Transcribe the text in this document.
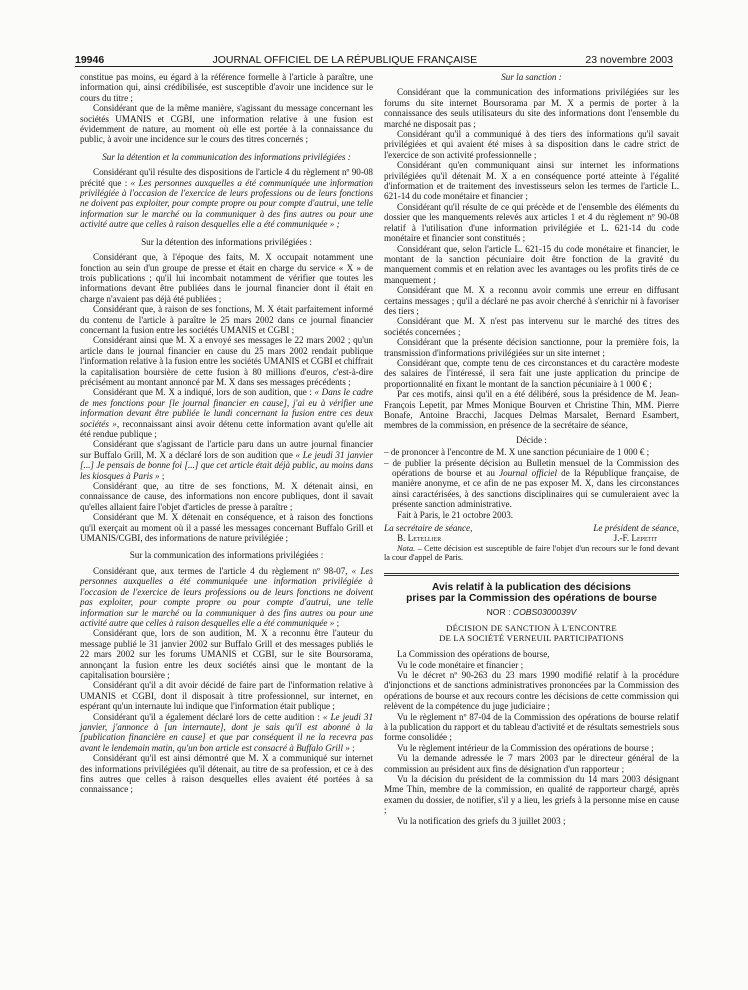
19946	JOURNAL OFFICIEL DE LA RÉPUBLIQUE FRANÇAISE	23 novembre 2003

constitue pas moins, eu égard à la référence formelle à l'article à paraître, une information qui, ainsi crédibilisée, est susceptible d'avoir une incidence sur le cours du titre ;

Considérant que de la même manière, s'agissant du message concernant les sociétés UMANIS et CGBI, une information relative à une fusion est évidemment de nature, au moment où elle est portée à la connaissance du public, à avoir une incidence sur le cours des titres concernés ;

Sur la détention et la communication des informations privilégiées :

Considérant qu'il résulte des dispositions de l'article 4 du règlement nº 90-08 précité que : « Les personnes auxquelles a été communiquée une information privilégiée à l'occasion de l'exercice de leurs professions ou de leurs fonctions ne doivent pas exploiter, pour compte propre ou pour compte d'autrui, une telle information sur le marché ou la communiquer à des fins autres ou pour une activité autre que celles à raison desquelles elle a été communiquée » ;

Sur la détention des informations privilégiées :

Considérant que, à l'époque des faits, M. X occupait notamment une fonction au sein d'un groupe de presse et était en charge du service « X » de trois publications ; qu'il lui incombait notamment de vérifier que toutes les informations devant être publiées dans le journal financier dont il était en charge n'avaient pas déjà été publiées ;

Considérant que, à raison de ses fonctions, M. X était parfaitement informé du contenu de l'article à paraître le 25 mars 2002 dans ce journal financier concernant la fusion entre les sociétés UMANIS et CGBI ;

Considérant ainsi que M. X a envoyé ses messages le 22 mars 2002 ; qu'un article dans le journal financier en cause du 25 mars 2002 rendait publique l'information relative à la fusion entre les sociétés UMANIS et CGBI et chiffrait la capitalisation boursière de cette fusion à 80 millions d'euros, c'est-à-dire précisément au montant annoncé par M. X dans ses messages précédents ;

Considérant que M. X a indiqué, lors de son audition, que : « Dans le cadre de mes fonctions pour [le journal financier en cause], j'ai eu à vérifier une information devant être publiée le lundi concernant la fusion entre ces deux sociétés », reconnaissant ainsi avoir détenu cette information avant qu'elle ait été rendue publique ;

Considérant que s'agissant de l'article paru dans un autre journal financier sur Buffalo Grill, M. X a déclaré lors de son audition que « Le jeudi 31 janvier [...] Je pensais de bonne foi [...] que cet article était déjà public, au moins dans les kiosques à Paris » ;

Considérant que, au titre de ses fonctions, M. X détenait ainsi, en connaissance de cause, des informations non encore publiques, dont il savait qu'elles allaient faire l'objet d'articles de presse à paraître ;

Considérant que M. X détenait en conséquence, et à raison des fonctions qu'il exerçait au moment où il a passé les messages concernant Buffalo Grill et UMANIS/CGBI, des informations de nature privilégiée ;

Sur la communication des informations privilégiées :

Considérant que, aux termes de l'article 4 du règlement nº 98-07, « Les personnes auxquelles a été communiquée une information privilégiée à l'occasion de l'exercice de leurs professions ou de leurs fonctions ne doivent pas exploiter, pour compte propre ou pour compte d'autrui, une telle information sur le marché ou la communiquer à des fins autres ou pour une activité autre que celles à raison desquelles elle a été communiquée » ;

Considérant que, lors de son audition, M. X a reconnu être l'auteur du message publié le 31 janvier 2002 sur Buffalo Grill et des messages publiés le 22 mars 2002 sur les forums UMANIS et CGBI, sur le site Boursorama, annonçant la fusion entre les deux sociétés ainsi que le montant de la capitalisation boursière ;

Considérant qu'il a dit avoir décidé de faire part de l'information relative à UMANIS et CGBI, dont il disposait à titre professionnel, sur internet, en espérant qu'un internaute lui indique que l'information était publique ;

Considérant qu'il a également déclaré lors de cette audition : « Le jeudi 31 janvier, j'annonce à [un internaute], dont je sais qu'il est abonné à la [publication financière en cause] et que par conséquent il ne la recevra pas avant le lendemain matin, qu'un bon article est consacré à Buffalo Grill » ;

Considérant qu'il est ainsi démontré que M. X a communiqué sur internet des informations privilégiées qu'il détenait, au titre de sa profession, et ce à des fins autres que celles à raison desquelles elles avaient été portées à sa connaissance ;

Sur la sanction :

Considérant que la communication des informations privilégiées sur les forums du site internet Boursorama par M. X a permis de porter à la connaissance des seuls utilisateurs du site des informations dont l'ensemble du marché ne disposait pas ;

Considérant qu'il a communiqué à des tiers des informations qu'il savait privilégiées et qui avaient été mises à sa disposition dans le cadre strict de l'exercice de son activité professionnelle ;

Considérant qu'en communiquant ainsi sur internet les informations privilégiées qu'il détenait M. X a en conséquence porté atteinte à l'égalité d'information et de traitement des investisseurs selon les termes de l'article L. 621-14 du code monétaire et financier ;

Considérant qu'il résulte de ce qui précède et de l'ensemble des éléments du dossier que les manquements relevés aux articles 1 et 4 du règlement nº 90-08 relatif à l'utilisation d'une information privilégiée et L. 621-14 du code monétaire et financier sont constitués ;

Considérant que, selon l'article L. 621-15 du code monétaire et financier, le montant de la sanction pécuniaire doit être fonction de la gravité du manquement commis et en relation avec les avantages ou les profits tirés de ce manquement ;

Considérant que M. X a reconnu avoir commis une erreur en diffusant certains messages ; qu'il a déclaré ne pas avoir cherché à s'enrichir ni à favoriser des tiers ;

Considérant que M. X n'est pas intervenu sur le marché des titres des sociétés concernées ;

Considérant que la présente décision sanctionne, pour la première fois, la transmission d'informations privilégiées sur un site internet ;

Considérant que, compte tenu de ces circonstances et du caractère modeste des salaires de l'intéressé, il sera fait une juste application du principe de proportionnalité en fixant le montant de la sanction pécuniaire à 1 000 € ;

Par ces motifs, ainsi qu'il en a été délibéré, sous la présidence de M. Jean-François Lepetit, par Mmes Monique Bourven et Christine Thin, MM. Pierre Bonafe, Antoine Bracchi, Jacques Delmas Marsalet, Bernard Esambert, membres de la commission, en présence de la secrétaire de séance,

Décide :

– de prononcer à l'encontre de M. X une sanction pécuniaire de 1 000 € ;

– de publier la présente décision au Bulletin mensuel de la Commission des opérations de bourse et au Journal officiel de la République française, de manière anonyme, et ce afin de ne pas exposer M. X, dans les circonstances ainsi caractérisées, à des sanctions disciplinaires qui se cumuleraient avec la présente sanction administrative.

Fait à Paris, le 21 octobre 2003.

La secrétaire de séance,	Le président de séance,
B. Letellier	J.-F. Lepetit

Nota. – Cette décision est susceptible de faire l'objet d'un recours sur le fond devant la cour d'appel de Paris.

Avis relatif à la publication des décisions
prises par la Commission des opérations de bourse
NOR : COBS0300039V
DÉCISION DE SANCTION À L'ENCONTRE
DE LA SOCIÉTÉ VERNEUIL PARTICIPATIONS

La Commission des opérations de bourse,

Vu le code monétaire et financier ;

Vu le décret nº 90-263 du 23 mars 1990 modifié relatif à la procédure d'injonctions et de sanctions administratives prononcées par la Commission des opérations de bourse et aux recours contre les décisions de cette commission qui relèvent de la compétence du juge judiciaire ;

Vu le règlement nº 87-04 de la Commission des opérations de bourse relatif à la publication du rapport et du tableau d'activité et de résultats semestriels sous forme consolidée ;

Vu le règlement intérieur de la Commission des opérations de bourse ;

Vu la demande adressée le 7 mars 2003 par le directeur général de la commission au président aux fins de désignation d'un rapporteur ;

Vu la décision du président de la commission du 14 mars 2003 désignant Mme Thin, membre de la commission, en qualité de rapporteur chargé, après examen du dossier, de notifier, s'il y a lieu, les griefs à la personne mise en cause ;

Vu la notification des griefs du 3 juillet 2003 ;
